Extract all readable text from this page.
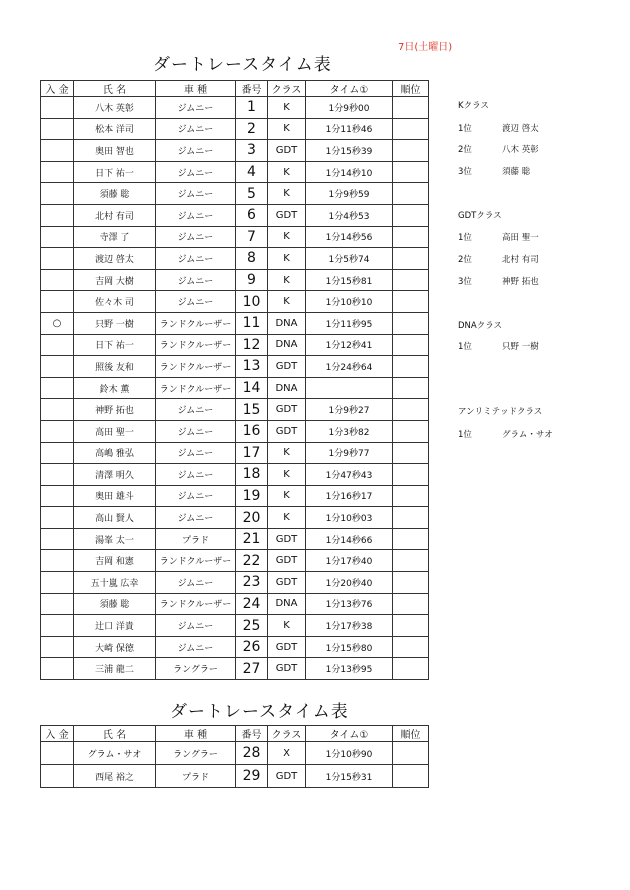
7日(土曜日)
ダートレースタイム表
入 金	氏 名	車 種	番号	クラス	タイム①	順位
	八木 英彰	ジムニー	1	K	1分9秒00	
	松本 洋司	ジムニー	2	K	1分11秒46	
	奥田 智也	ジムニー	3	GDT	1分15秒39	
	日下 祐一	ジムニー	4	K	1分14秒10	
	須藤 聡	ジムニー	5	K	1分9秒59	
	北村 有司	ジムニー	6	GDT	1分4秒53	
	寺澤 了	ジムニー	7	K	1分14秒56	
	渡辺 啓太	ジムニー	8	K	1分5秒74	
	吉岡 大樹	ジムニー	9	K	1分15秒81	
	佐々木 司	ジムニー	10	K	1分10秒10	
○	只野 一樹	ランドクルーザー	11	DNA	1分11秒95	
	日下 祐一	ランドクルーザー	12	DNA	1分12秒41	
	照後 友和	ランドクルーザー	13	GDT	1分24秒64	
	鈴木 薫	ランドクルーザー	14	DNA		
	神野 拓也	ジムニー	15	GDT	1分9秒27	
	高田 聖一	ジムニー	16	GDT	1分3秒82	
	高嶋 雅弘	ジムニー	17	K	1分9秒77	
	清澤 明久	ジムニー	18	K	1分47秒43	
	奥田 雄斗	ジムニー	19	K	1分16秒17	
	高山 賢人	ジムニー	20	K	1分10秒03	
	湯峯 太一	プラド	21	GDT	1分14秒66	
	吉岡 和憲	ランドクルーザー	22	GDT	1分17秒40	
	五十嵐 広幸	ジムニー	23	GDT	1分20秒40	
	須藤 聡	ランドクルーザー	24	DNA	1分13秒76	
	辻口 洋貴	ジムニー	25	K	1分17秒38	
	大崎 保徳	ジムニー	26	GDT	1分15秒80	
	三浦 龍二	ラングラー	27	GDT	1分13秒95	
ダートレースタイム表
入 金	氏 名	車 種	番号	クラス	タイム①	順位
	グラム・サオ	ラングラー	28	X	1分10秒90	
	西尾 裕之	プラド	29	GDT	1分15秒31	
Kクラス
1位	渡辺 啓太
2位	八木 英彰
3位	須藤 聡
GDTクラス
1位	高田 聖一
2位	北村 有司
3位	神野 拓也
DNAクラス
1位	只野 一樹
アンリミテッドクラス
1位	グラム・サオ
